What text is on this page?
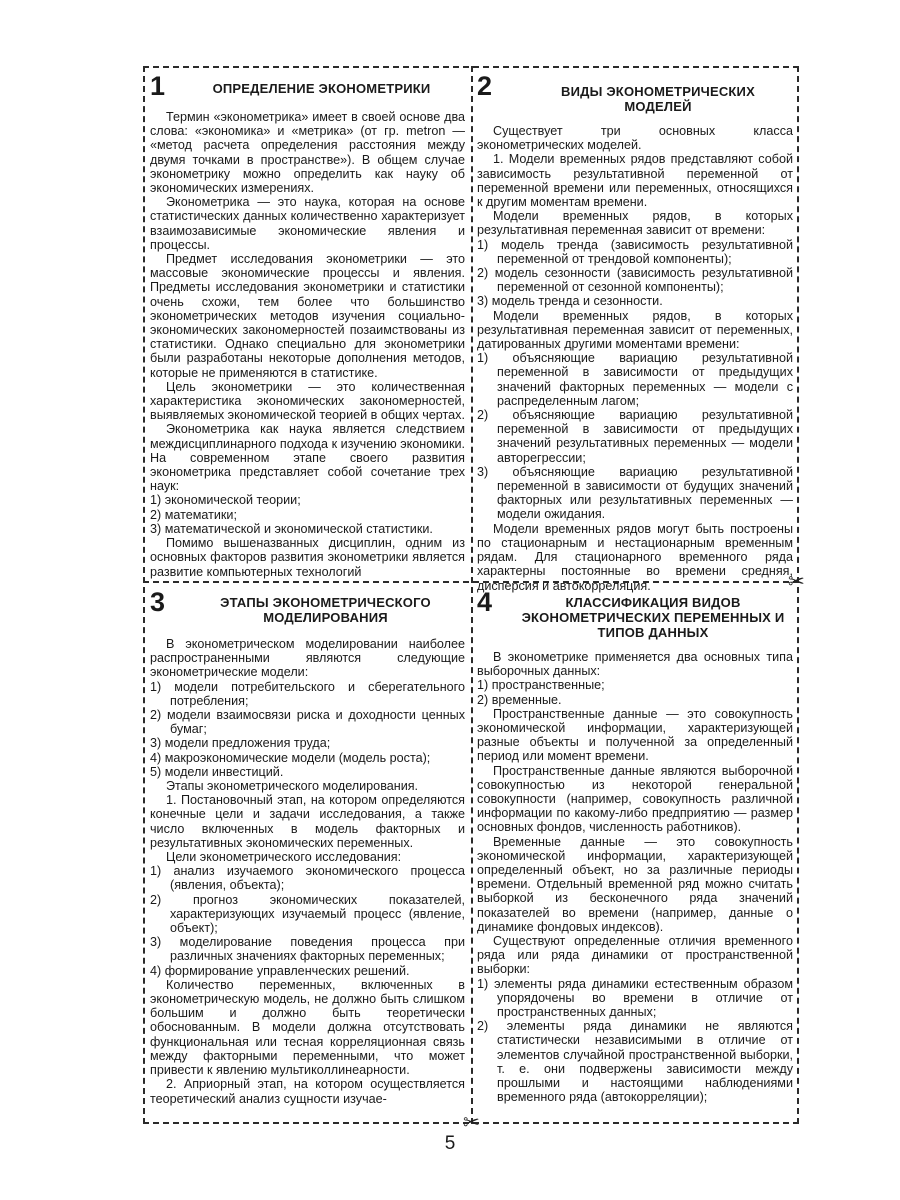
✂
✂
1	ОПРЕДЕЛЕНИЕ ЭКОНОМЕТРИКИ

Термин «эконометрика» имеет в своей основе два слова: «экономика» и «метрика» (от гр. metron — «метод расчета определения расстояния между двумя точками в пространстве»). В общем случае эконометрику можно определить как науку об экономических измерениях.

Эконометрика — это наука, которая на основе статистических данных количественно характеризует взаимозависимые экономические явления и процессы.

Предмет исследования эконометрики — это массовые экономические процессы и явления. Предметы исследования эконометрики и статистики очень схожи, тем более что большинство эконометрических методов изучения социально-экономических закономерностей позаимствованы из статистики. Однако специально для эконометрики были разработаны некоторые дополнения методов, которые не применяются в статистике.

Цель эконометрики — это количественная характеристика экономических закономерностей, выявляемых экономической теорией в общих чертах.

Эконометрика как наука является следствием междисциплинарного подхода к изучению экономики. На современном этапе своего развития эконометрика представляет собой сочетание трех наук:

1) экономической теории;
2) математики;
3) математической и экономической статистики.

Помимо вышеназванных дисциплин, одним из основных факторов развития эконометрики является развитие компьютерных технологий

2	ВИДЫ ЭКОНОМЕТРИЧЕСКИХ МОДЕЛЕЙ

Существует три основных класса эконометрических моделей.

1. Модели временных рядов представляют собой зависимость результативной переменной от переменной времени или переменных, относящихся к другим моментам времени.

Модели временных рядов, в которых результативная переменная зависит от времени:

1) модель тренда (зависимость результативной переменной от трендовой компоненты);
2) модель сезонности (зависимость результативной переменной от сезонной компоненты);
3) модель тренда и сезонности.

Модели временных рядов, в которых результативная переменная зависит от переменных, датированных другими моментами времени:

1) объясняющие вариацию результативной переменной в зависимости от предыдущих значений факторных переменных — модели с распределенным лагом;
2) объясняющие вариацию результативной переменной в зависимости от предыдущих значений результативных переменных — модели авторегрессии;
3) объясняющие вариацию результативной переменной в зависимости от будущих значений факторных или результативных переменных — модели ожидания.

Модели временных рядов могут быть построены по стационарным и нестационарным временным рядам. Для стационарного временного ряда характерны постоянные во времени средняя, дисперсия и автокорреляция.

3	ЭТАПЫ ЭКОНОМЕТРИЧЕСКОГО МОДЕЛИРОВАНИЯ

В эконометрическом моделировании наиболее распространенными являются следующие эконометрические модели:

1) модели потребительского и сберегательного потребления;
2) модели взаимосвязи риска и доходности ценных бумаг;
3) модели предложения труда;
4) макроэкономические модели (модель роста);
5) модели инвестиций.

Этапы эконометрического моделирования.

1. Постановочный этап, на котором определяются конечные цели и задачи исследования, а также число включенных в модель факторных и результативных экономических переменных.

Цели эконометрического исследования:

1) анализ изучаемого экономического процесса (явления, объекта);
2) прогноз экономических показателей, характеризующих изучаемый процесс (явление, объект);
3) моделирование поведения процесса при различных значениях факторных переменных;
4) формирование управленческих решений.

Количество переменных, включенных в эконометрическую модель, не должно быть слишком большим и должно быть теоретически обоснованным. В модели должна отсутствовать функциональная или тесная корреляционная связь между факторными переменными, что может привести к явлению мультиколлинеарности.

2. Априорный этап, на котором осуществляется теоретический анализ сущности изучае-

4	КЛАССИФИКАЦИЯ ВИДОВ ЭКОНОМЕТРИЧЕСКИХ ПЕРЕМЕННЫХ И ТИПОВ ДАННЫХ

В эконометрике применяется два основных типа выборочных данных:

1) пространственные;
2) временные.

Пространственные данные — это совокупность экономической информации, характеризующей разные объекты и полученной за определенный период или момент времени.

Пространственные данные являются выборочной совокупностью из некоторой генеральной совокупности (например, совокупность различной информации по какому-либо предприятию — размер основных фондов, численность работников).

Временные данные — это совокупность экономической информации, характеризующей определенный объект, но за различные периоды времени. Отдельный временной ряд можно считать выборкой из бесконечного ряда значений показателей во времени (например, данные о динамике фондовых индексов).

Существуют определенные отличия временного ряда или ряда динамики от пространственной выборки:

1) элементы ряда динамики естественным образом упорядочены во времени в отличие от пространственных данных;
2) элементы ряда динамики не являются статистически независимыми в отличие от элементов случайной пространственной выборки, т. е. они подвержены зависимости между прошлыми и настоящими наблюдениями временного ряда (автокорреляции);
5
